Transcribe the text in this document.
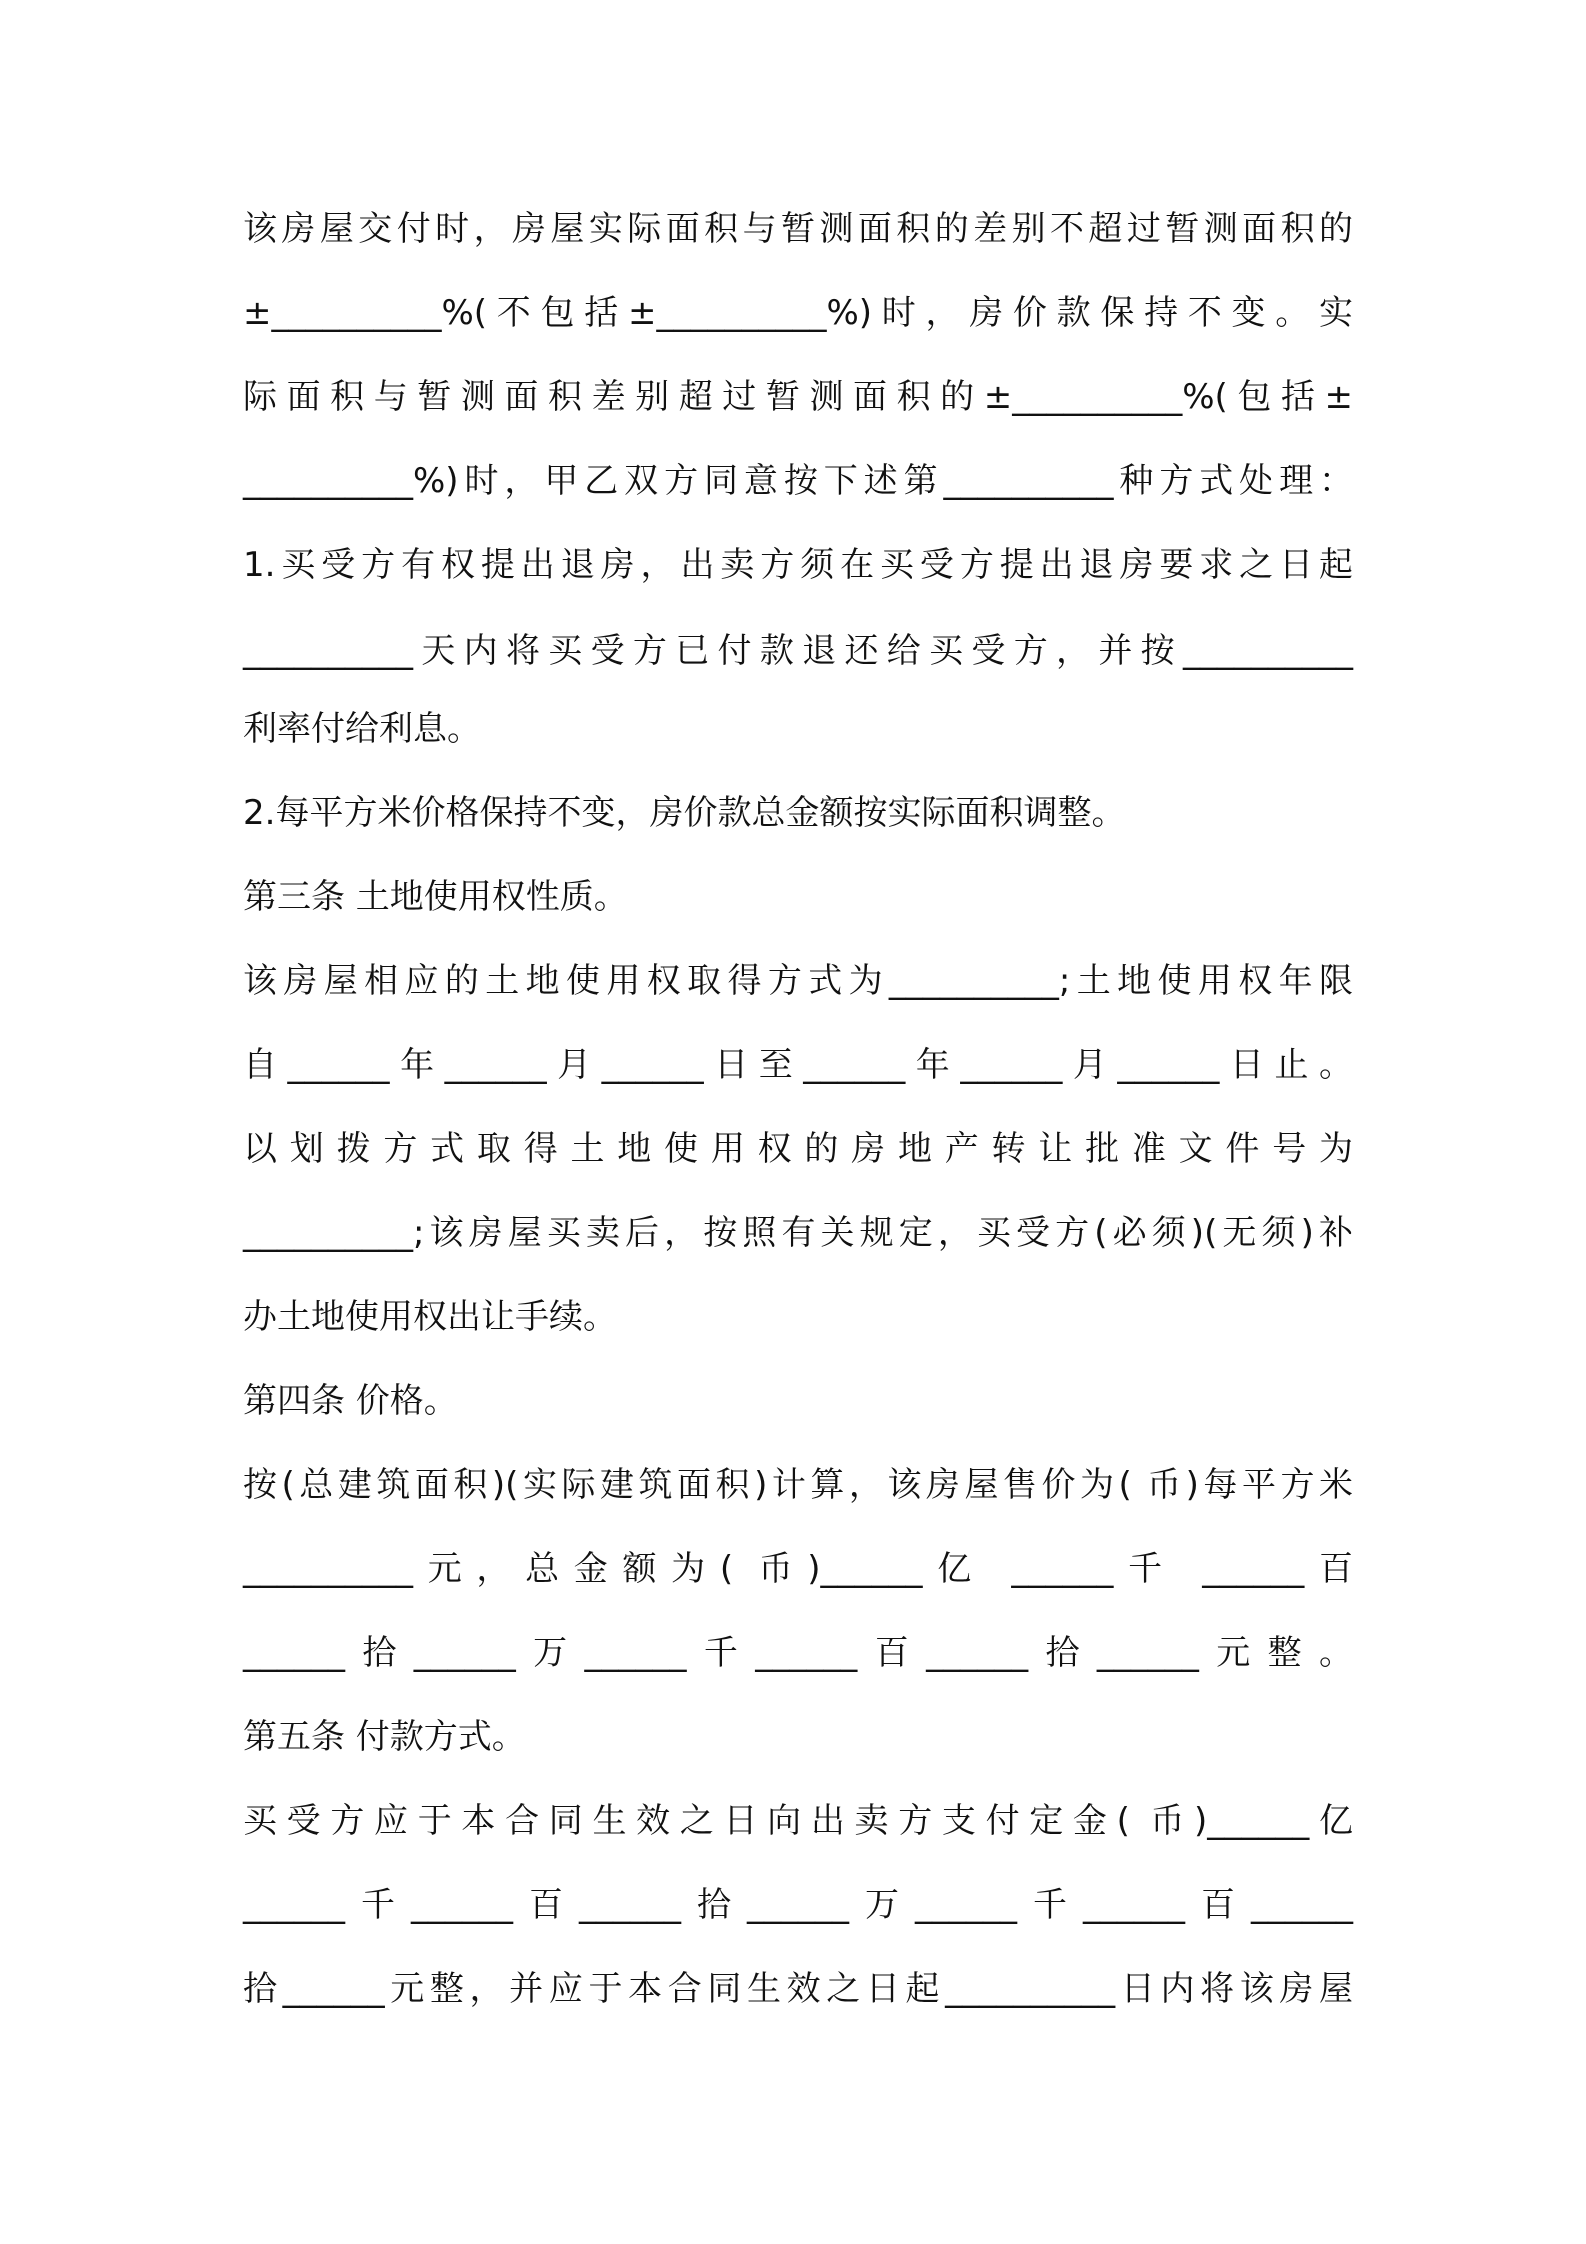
该房屋交付时，房屋实际面积与暂测面积的差别不超过暂测面积的
±__________%(不包括±__________%)时，房价款保持不变。实
际面积与暂测面积差别超过暂测面积的±__________%(包括±
__________%)时，甲乙双方同意按下述第__________种方式处理：
1.买受方有权提出退房，出卖方须在买受方提出退房要求之日起
__________天内将买受方已付款退还给买受方，并按__________
利率付给利息。
2.每平方米价格保持不变，房价款总金额按实际面积调整。
第三条 土地使用权性质。
该房屋相应的土地使用权取得方式为__________;土地使用权年限
自______年______月______日至______年______月______日止。
以划拨方式取得土地使用权的房地产转让批准文件号为
__________;该房屋买卖后，按照有关规定，买受方(必须)(无须)补
办土地使用权出让手续。
第四条 价格。
按(总建筑面积)(实际建筑面积)计算，该房屋售价为( 币)每平方米
__________元，总金额为( 币)______亿 ______千 ______百
______拾______万______千______百______拾______元整。
第五条 付款方式。
买受方应于本合同生效之日向出卖方支付定金( 币)______亿
______千______百______拾______万______千______百______
拾______元整，并应于本合同生效之日起__________日内将该房屋
